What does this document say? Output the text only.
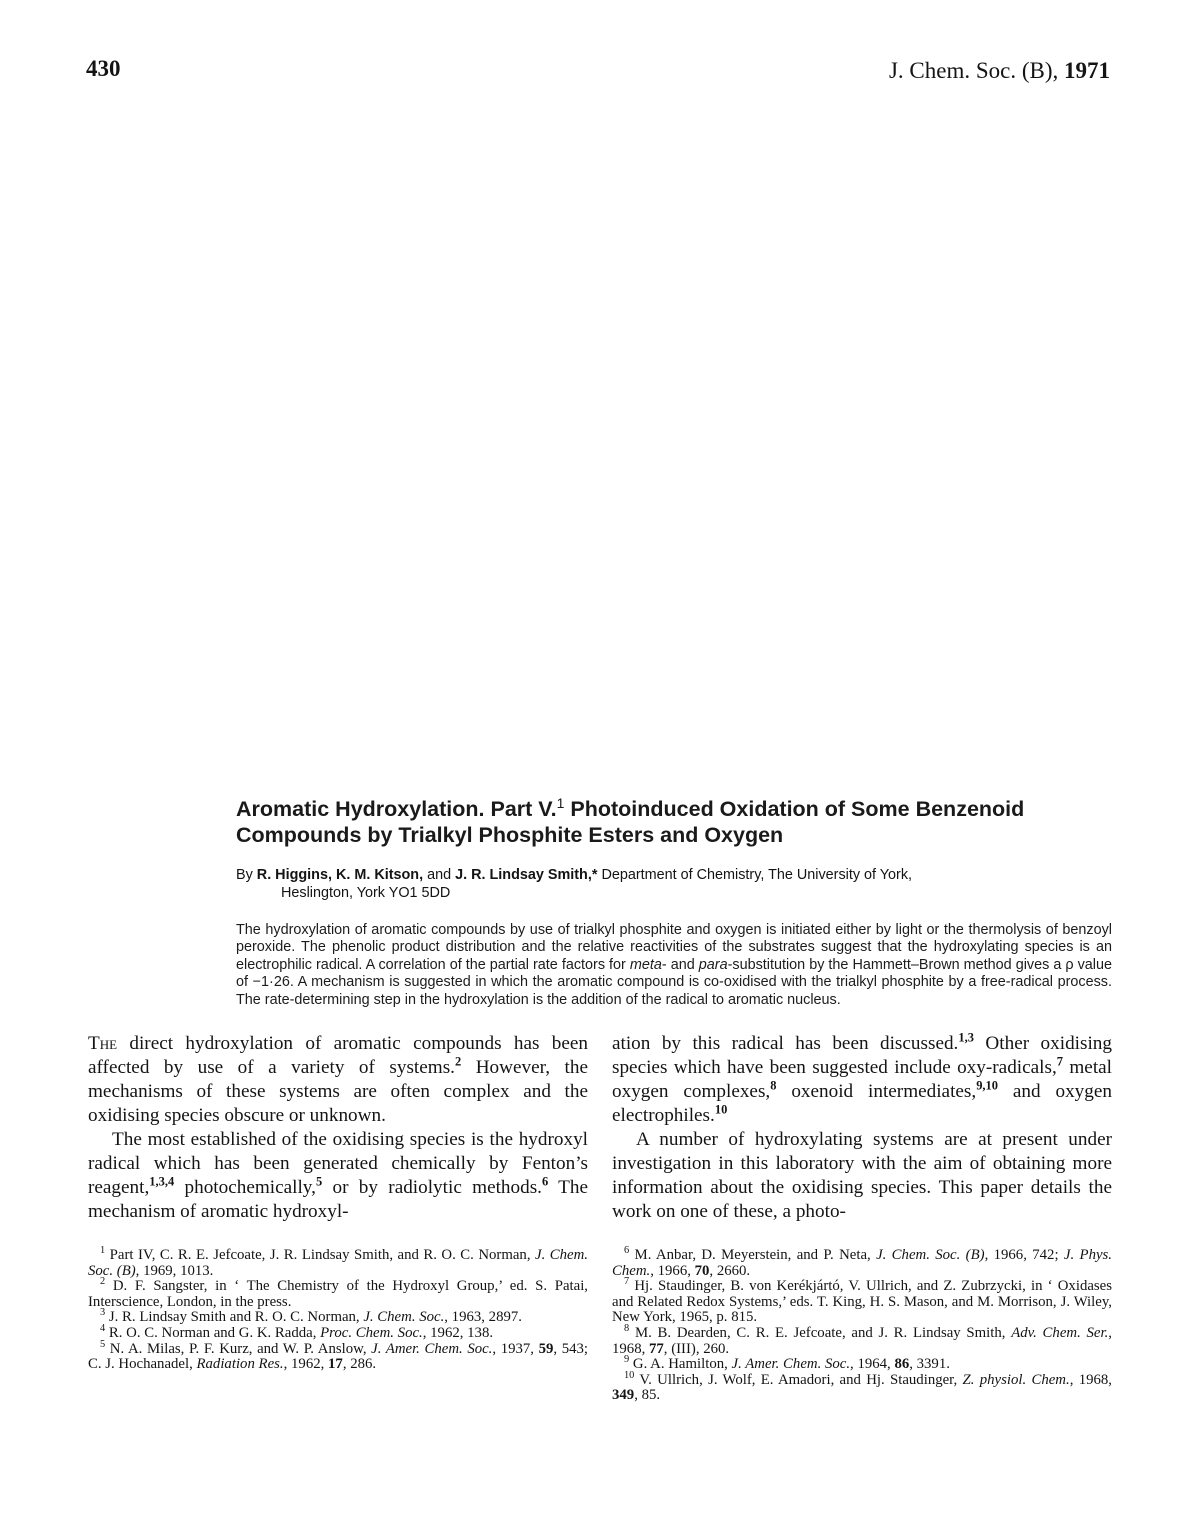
430	J. Chem. Soc. (B), 1971
Aromatic Hydroxylation. Part V.$^1$ Photoinduced Oxidation of Some Benzenoid Compounds by Trialkyl Phosphite Esters and Oxygen
By R. Higgins, K. M. Kitson, and J. R. Lindsay Smith,* Department of Chemistry, The University of York,
Heslington, York YO1 5DD
The hydroxylation of aromatic compounds by use of trialkyl phosphite and oxygen is initiated either by light or the thermolysis of benzoyl peroxide. The phenolic product distribution and the relative reactivities of the substrates suggest that the hydroxylating species is an electrophilic radical. A correlation of the partial rate factors for meta- and para-substitution by the Hammett–Brown method gives a ρ value of −1·26. A mechanism is suggested in which the aromatic compound is co-oxidised with the trialkyl phosphite by a free-radical process. The rate-determining step in the hydroxylation is the addition of the radical to aromatic nucleus.

The direct hydroxylation of aromatic compounds has been affected by use of a variety of systems.$^2$ However, the mechanisms of these systems are often complex and the oxidising species obscure or unknown.

The most established of the oxidising species is the hydroxyl radical which has been generated chemically by Fenton’s reagent,$^{1,3,4}$ photochemically,$^5$ or by radiolytic methods.$^6$ The mechanism of aromatic hydroxyl-

ation by this radical has been discussed.$^{1,3}$ Other oxidising species which have been suggested include oxy-radicals,$^7$ metal oxygen complexes,$^8$ oxenoid intermediates,$^{9,10}$ and oxygen electrophiles.$^{10}$

A number of hydroxylating systems are at present under investigation in this laboratory with the aim of obtaining more information about the oxidising species. This paper details the work on one of these, a photo-

$^1$ Part IV, C. R. E. Jefcoate, J. R. Lindsay Smith, and R. O. C. Norman, J. Chem. Soc. (B), 1969, 1013.

$^2$ D. F. Sangster, in ‘ The Chemistry of the Hydroxyl Group,’ ed. S. Patai, Interscience, London, in the press.

$^3$ J. R. Lindsay Smith and R. O. C. Norman, J. Chem. Soc., 1963, 2897.

$^4$ R. O. C. Norman and G. K. Radda, Proc. Chem. Soc., 1962, 138.

$^5$ N. A. Milas, P. F. Kurz, and W. P. Anslow, J. Amer. Chem. Soc., 1937, 59, 543; C. J. Hochanadel, Radiation Res., 1962, 17, 286.

$^6$ M. Anbar, D. Meyerstein, and P. Neta, J. Chem. Soc. (B), 1966, 742; J. Phys. Chem., 1966, 70, 2660.

$^7$ Hj. Staudinger, B. von Kerékjártó, V. Ullrich, and Z. Zubrzycki, in ‘ Oxidases and Related Redox Systems,’ eds. T. King, H. S. Mason, and M. Morrison, J. Wiley, New York, 1965, p. 815.

$^8$ M. B. Dearden, C. R. E. Jefcoate, and J. R. Lindsay Smith, Adv. Chem. Ser., 1968, 77, (III), 260.

$^9$ G. A. Hamilton, J. Amer. Chem. Soc., 1964, 86, 3391.

$^{10}$ V. Ullrich, J. Wolf, E. Amadori, and Hj. Staudinger, Z. physiol. Chem., 1968, 349, 85.
